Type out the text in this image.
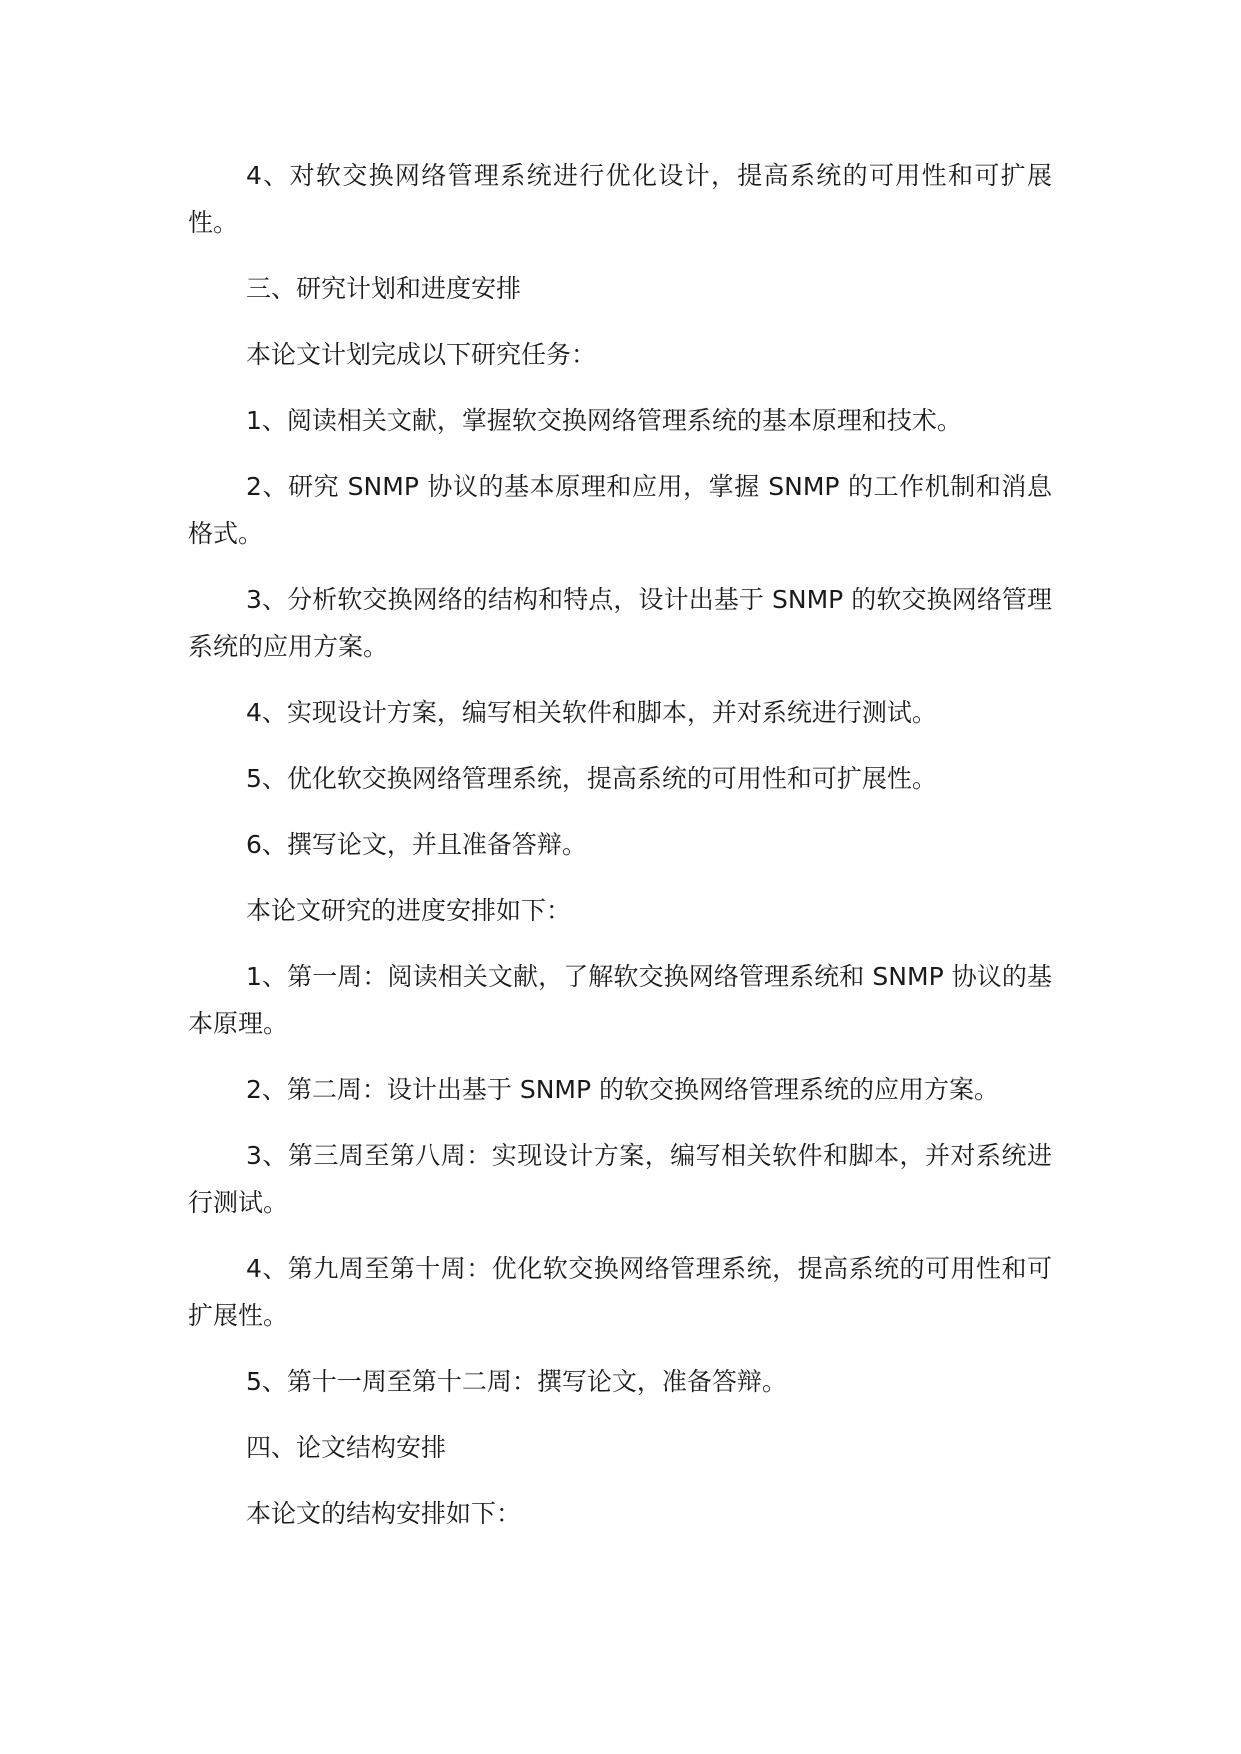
4、对软交换网络管理系统进行优化设计，提高系统的可用性和可扩展性。

三、研究计划和进度安排

本论文计划完成以下研究任务：

1、阅读相关文献，掌握软交换网络管理系统的基本原理和技术。

2、研究 SNMP 协议的基本原理和应用，掌握 SNMP 的工作机制和消息格式。

3、分析软交换网络的结构和特点，设计出基于 SNMP 的软交换网络管理系统的应用方案。

4、实现设计方案，编写相关软件和脚本，并对系统进行测试。

5、优化软交换网络管理系统，提高系统的可用性和可扩展性。

6、撰写论文，并且准备答辩。

本论文研究的进度安排如下：

1、第一周：阅读相关文献，了解软交换网络管理系统和 SNMP 协议的基本原理。

2、第二周：设计出基于 SNMP 的软交换网络管理系统的应用方案。

3、第三周至第八周：实现设计方案，编写相关软件和脚本，并对系统进行测试。

4、第九周至第十周：优化软交换网络管理系统，提高系统的可用性和可扩展性。

5、第十一周至第十二周：撰写论文，准备答辩。

四、论文结构安排

本论文的结构安排如下：
